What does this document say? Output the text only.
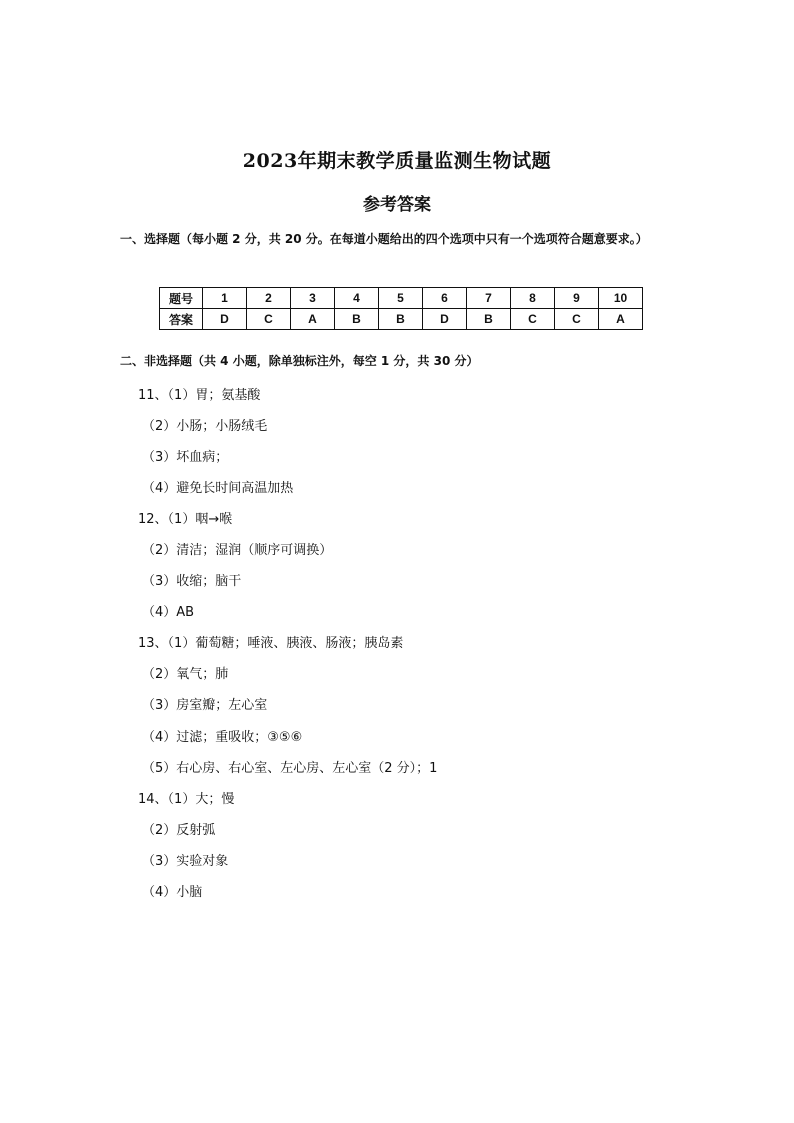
2023年期末教学质量监测生物试题
参考答案
一、选择题（每小题 2 分，共 20 分。在每道小题给出的四个选项中只有一个选项符合题意要求。）
题号	1	2	3	4	5	6	7	8	9	10
答案	D	C	A	B	B	D	B	C	C	A
二、非选择题（共 4 小题，除单独标注外，每空 1 分，共 30 分）
11、（1）胃；氨基酸
（2）小肠；小肠绒毛
（3）坏血病；
（4）避免长时间高温加热
12、（1）咽→喉
（2）清洁；湿润（顺序可调换）
（3）收缩；脑干
（4）AB
13、（1）葡萄糖；唾液、胰液、肠液；胰岛素
（2）氧气；肺
（3）房室瓣；左心室
（4）过滤；重吸收；③⑤⑥
（5）右心房、右心室、左心房、左心室（2 分）；1
14、（1）大；慢
（2）反射弧
（3）实验对象
（4）小脑
